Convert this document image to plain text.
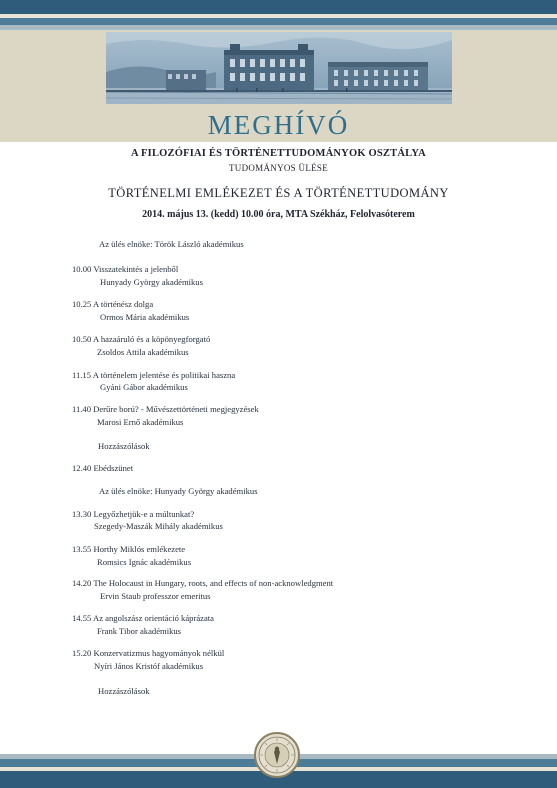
MEGHÍVÓ
A FILOZÓFIAI ÉS TÖRTÉNETTUDOMÁNYOK OSZTÁLYA
TUDOMÁNYOS ÜLÉSE
TÖRTÉNELMI EMLÉKEZET ÉS A TÖRTÉNETTUDOMÁNY
2014. május 13. (kedd) 10.00 óra, MTA Székház, Felolvasóterem
Az ülés elnöke: Török László akadémikus
10.00 Visszatekintés a jelenből
Hunyady György akadémikus
10.25 A történész dolga
Ormos Mária akadémikus
10.50 A hazaáruló és a köpönyegforgató
Zsoldos Attila akadémikus
11.15 A történelem jelentése és politikai haszna
Gyáni Gábor akadémikus
11.40 Derűre ború? - Művészettörténeti megjegyzések
Marosi Ernő akadémikus
Hozzászólások
12.40 Ebédszünet
Az ülés elnöke: Hunyady György akadémikus
13.30 Legyőzhetjük-e a múltunkat?
Szegedy-Maszák Mihály akadémikus
13.55 Horthy Miklós emlékezete
Romsics Ignác akadémikus
14.20 The Holocaust in Hungary, roots, and effects of non-acknowledgment
Ervin Staub professzor emeritus
14.55 Az angolszász orientáció káprázata
Frank Tibor akadémikus
15.20 Konzervatizmus hagyományok nélkül
Nyíri János Kristóf akadémikus
Hozzászólások
